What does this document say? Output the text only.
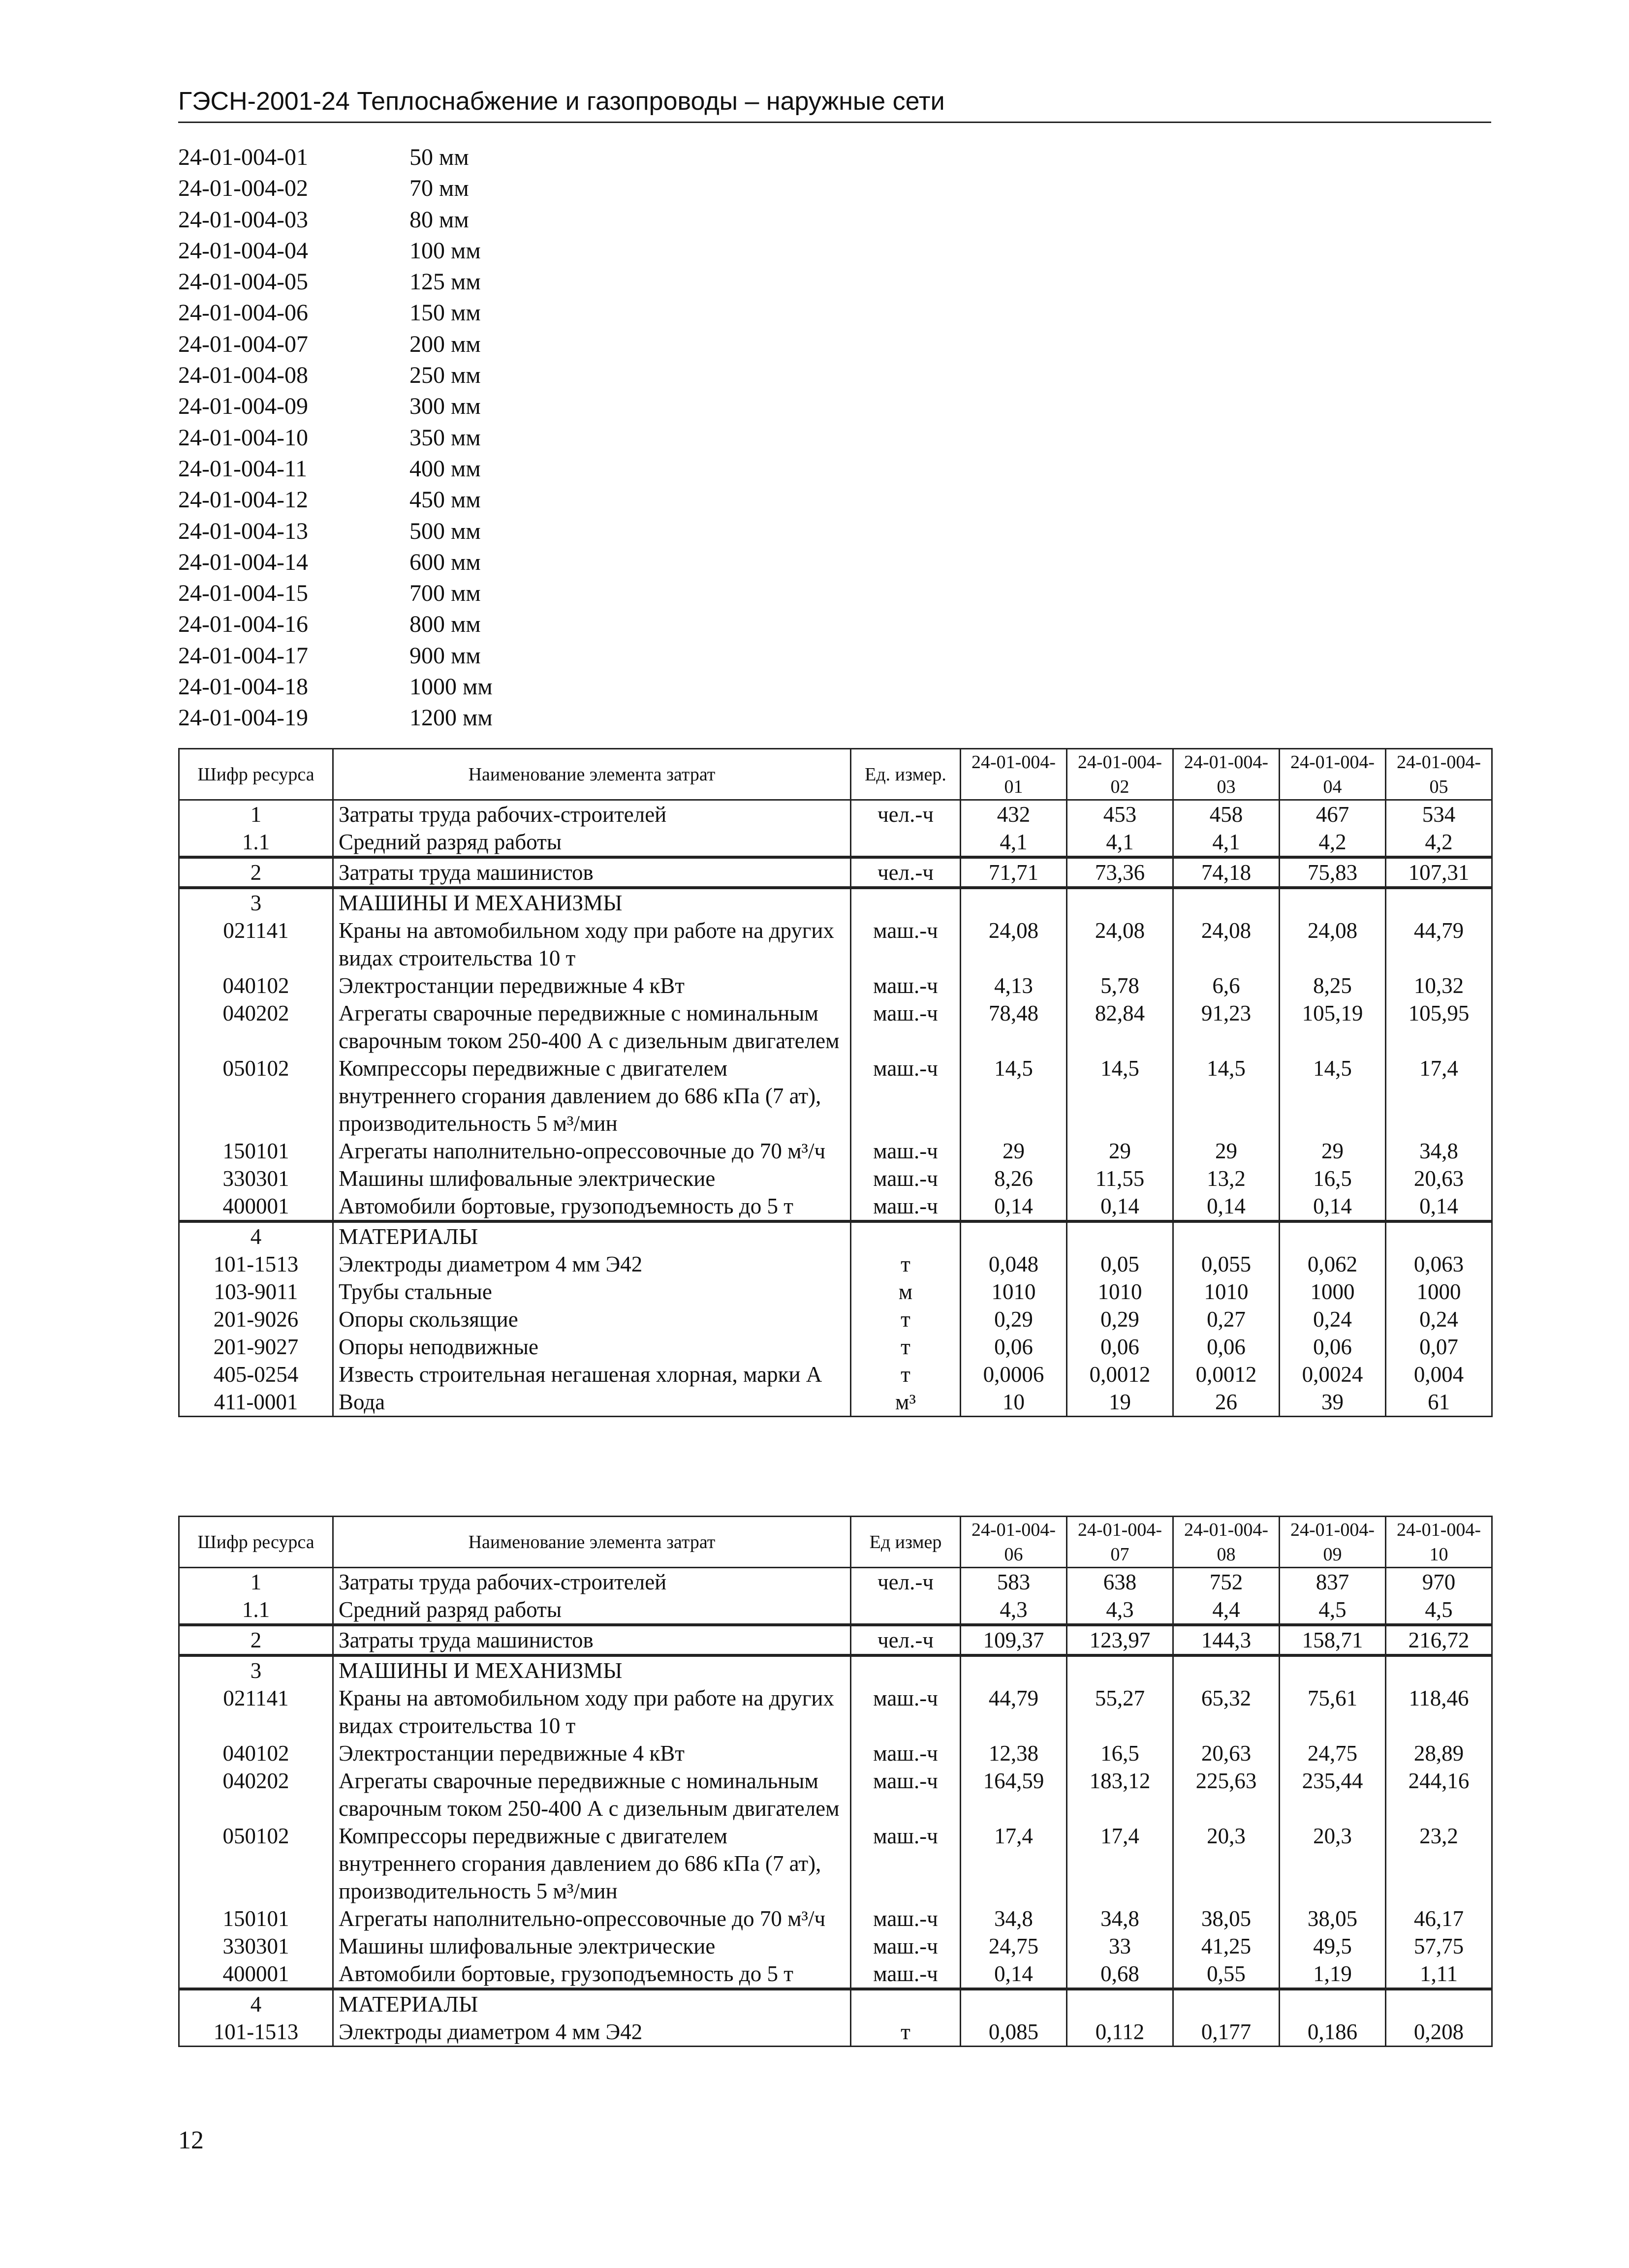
ГЭСН-2001-24 Теплоснабжение и газопроводы – наружные сети
24-01-004-01	50 мм
24-01-004-02	70 мм
24-01-004-03	80 мм
24-01-004-04	100 мм
24-01-004-05	125 мм
24-01-004-06	150 мм
24-01-004-07	200 мм
24-01-004-08	250 мм
24-01-004-09	300 мм
24-01-004-10	350 мм
24-01-004-11	400 мм
24-01-004-12	450 мм
24-01-004-13	500 мм
24-01-004-14	600 мм
24-01-004-15	700 мм
24-01-004-16	800 мм
24-01-004-17	900 мм
24-01-004-18	1000 мм
24-01-004-19	1200 мм
Шифр ресурса	Наименование элемента затрат	Ед. измер.	24-01-004-01	24-01-004-02	24-01-004-03	24-01-004-04	24-01-004-05
1	Затраты труда рабочих-строителей	чел.-ч	432	453	458	467	534
1.1	Средний разряд работы		4,1	4,1	4,1	4,2	4,2
2	Затраты труда машинистов	чел.-ч	71,71	73,36	74,18	75,83	107,31
3	МАШИНЫ И МЕХАНИЗМЫ						
021141	Краны на автомобильном ходу при работе на других видах строительства 10 т	маш.-ч	24,08	24,08	24,08	24,08	44,79
040102	Электростанции передвижные 4 кВт	маш.-ч	4,13	5,78	6,6	8,25	10,32
040202	Агрегаты сварочные передвижные с номинальным сварочным током 250-400 А с дизельным двигателем	маш.-ч	78,48	82,84	91,23	105,19	105,95
050102	Компрессоры передвижные с двигателем внутреннего сгорания давлением до 686 кПа (7 ат), производительность 5 м³/мин	маш.-ч	14,5	14,5	14,5	14,5	17,4
150101	Агрегаты наполнительно-опрессовочные до 70 м³/ч	маш.-ч	29	29	29	29	34,8
330301	Машины шлифовальные электрические	маш.-ч	8,26	11,55	13,2	16,5	20,63
400001	Автомобили бортовые, грузоподъемность до 5 т	маш.-ч	0,14	0,14	0,14	0,14	0,14
4	МАТЕРИАЛЫ						
101-1513	Электроды диаметром 4 мм Э42	т	0,048	0,05	0,055	0,062	0,063
103-9011	Трубы стальные	м	1010	1010	1010	1000	1000
201-9026	Опоры скользящие	т	0,29	0,29	0,27	0,24	0,24
201-9027	Опоры неподвижные	т	0,06	0,06	0,06	0,06	0,07
405-0254	Известь строительная негашеная хлорная, марки А	т	0,0006	0,0012	0,0012	0,0024	0,004
411-0001	Вода	м³	10	19	26	39	61
Шифр ресурса	Наименование элемента затрат	Ед измер	24-01-004-06	24-01-004-07	24-01-004-08	24-01-004-09	24-01-004-10
1	Затраты труда рабочих-строителей	чел.-ч	583	638	752	837	970
1.1	Средний разряд работы		4,3	4,3	4,4	4,5	4,5
2	Затраты труда машинистов	чел.-ч	109,37	123,97	144,3	158,71	216,72
3	МАШИНЫ И МЕХАНИЗМЫ						
021141	Краны на автомобильном ходу при работе на других видах строительства 10 т	маш.-ч	44,79	55,27	65,32	75,61	118,46
040102	Электростанции передвижные 4 кВт	маш.-ч	12,38	16,5	20,63	24,75	28,89
040202	Агрегаты сварочные передвижные с номинальным сварочным током 250-400 А с дизельным двигателем	маш.-ч	164,59	183,12	225,63	235,44	244,16
050102	Компрессоры передвижные с двигателем внутреннего сгорания давлением до 686 кПа (7 ат), производительность 5 м³/мин	маш.-ч	17,4	17,4	20,3	20,3	23,2
150101	Агрегаты наполнительно-опрессовочные до 70 м³/ч	маш.-ч	34,8	34,8	38,05	38,05	46,17
330301	Машины шлифовальные электрические	маш.-ч	24,75	33	41,25	49,5	57,75
400001	Автомобили бортовые, грузоподъемность до 5 т	маш.-ч	0,14	0,68	0,55	1,19	1,11
4	МАТЕРИАЛЫ						
101-1513	Электроды диаметром 4 мм Э42	т	0,085	0,112	0,177	0,186	0,208
12
